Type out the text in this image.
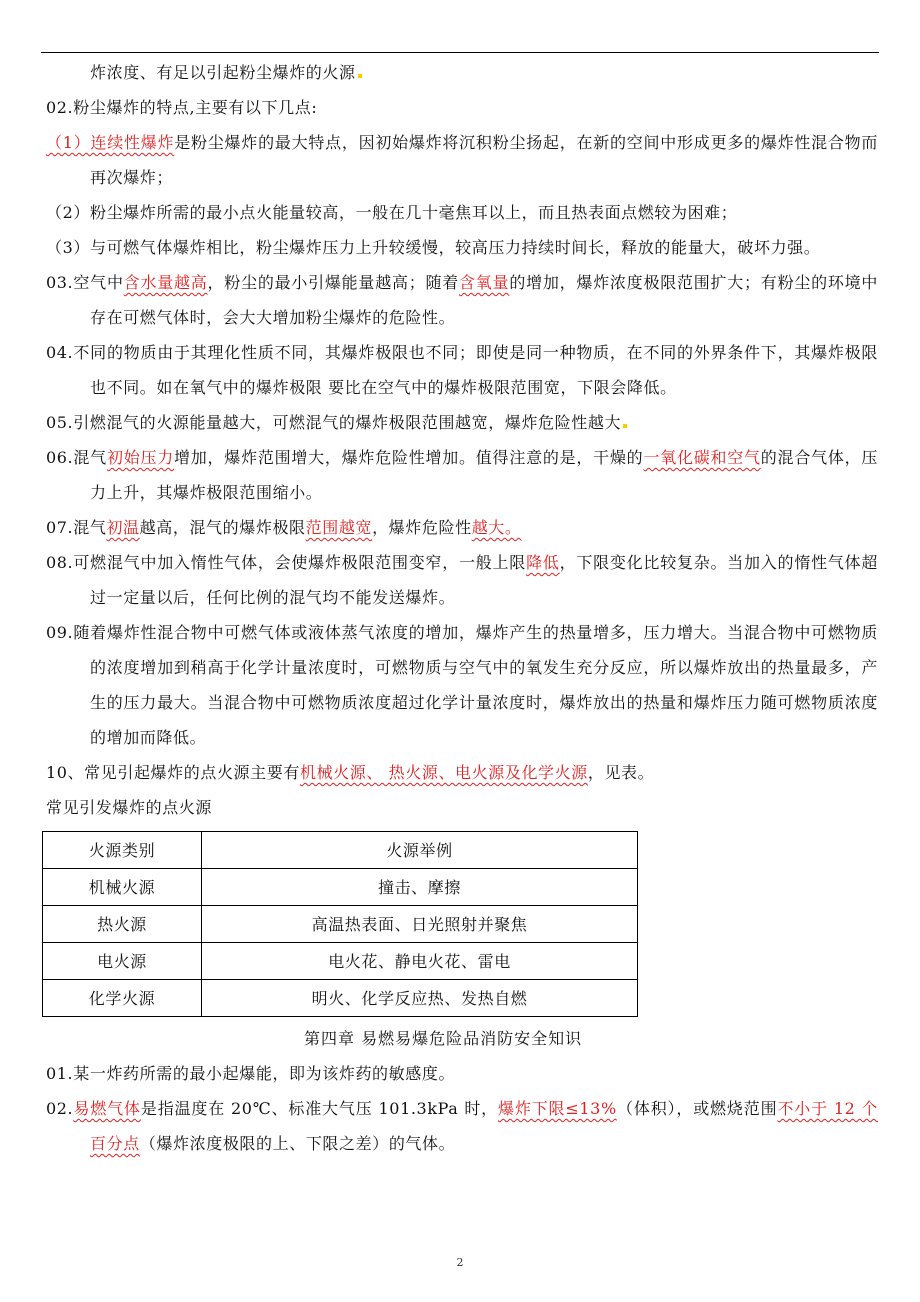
炸浓度、有足以引起粉尘爆炸的火源

02.粉尘爆炸的特点,主要有以下几点:

（1）连续性爆炸是粉尘爆炸的最大特点，因初始爆炸将沉积粉尘扬起，在新的空间中形成更多的爆炸性混合物而再次爆炸；

（2）粉尘爆炸所需的最小点火能量较高，一般在几十毫焦耳以上，而且热表面点燃较为困难；

（3）与可燃气体爆炸相比，粉尘爆炸压力上升较缓慢，较高压力持续时间长，释放的能量大，破坏力强。

03.空气中含水量越高，粉尘的最小引爆能量越高；随着含氧量的增加，爆炸浓度极限范围扩大；有粉尘的环境中存在可燃气体时，会大大增加粉尘爆炸的危险性。

04.不同的物质由于其理化性质不同，其爆炸极限也不同；即使是同一种物质，在不同的外界条件下，其爆炸极限也不同。如在氧气中的爆炸极限 要比在空气中的爆炸极限范围宽，下限会降低。

05.引燃混气的火源能量越大，可燃混气的爆炸极限范围越宽，爆炸危险性越大

06.混气初始压力增加，爆炸范围增大，爆炸危险性增加。值得注意的是，干燥的一氧化碳和空气的混合气体，压力上升，其爆炸极限范围缩小。

07.混气初温越高，混气的爆炸极限范围越宽，爆炸危险性越大。

08.可燃混气中加入惰性气体，会使爆炸极限范围变窄，一般上限降低，下限变化比较复杂。当加入的惰性气体超过一定量以后，任何比例的混气均不能发送爆炸。

09.随着爆炸性混合物中可燃气体或液体蒸气浓度的增加，爆炸产生的热量增多，压力增大。当混合物中可燃物质的浓度增加到稍高于化学计量浓度时，可燃物质与空气中的氧发生充分反应，所以爆炸放出的热量最多，产生的压力最大。当混合物中可燃物质浓度超过化学计量浓度时，爆炸放出的热量和爆炸压力随可燃物质浓度的增加而降低。

10、常见引起爆炸的点火源主要有机械火源、 热火源、电火源及化学火源，见表。

常见引发爆炸的点火源

火源类别	火源举例
机械火源	撞击、摩擦
热火源	高温热表面、日光照射并聚焦
电火源	电火花、静电火花、雷电
化学火源	明火、化学反应热、发热自燃

第四章 易燃易爆危险品消防安全知识

01.某一炸药所需的最小起爆能，即为该炸药的敏感度。

02.易燃气体是指温度在 20℃、标准大气压 101.3kPa 时，爆炸下限≤13%（体积），或燃烧范围不小于 12 个百分点（爆炸浓度极限的上、下限之差）的气体。

2
